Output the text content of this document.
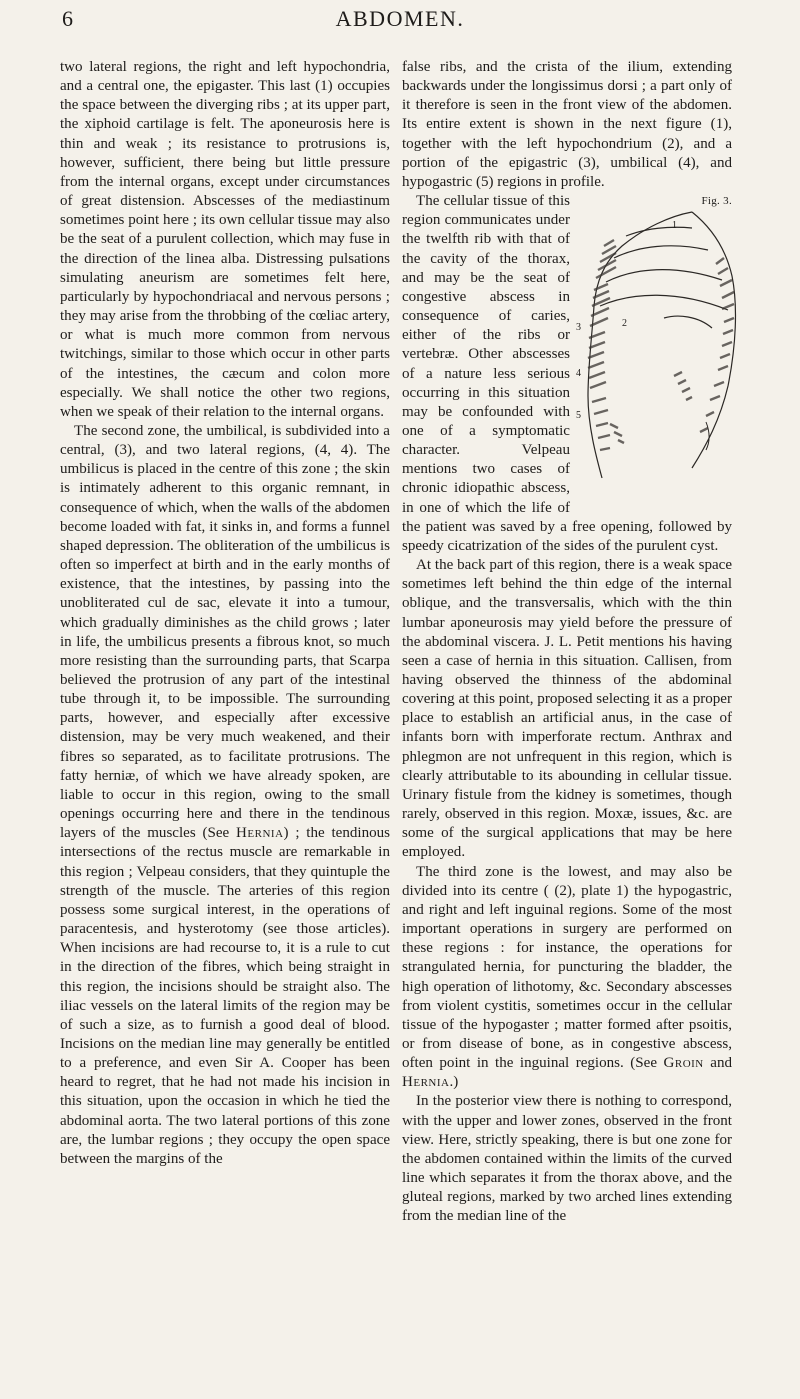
6	ABDOMEN.

two lateral regions, the right and left hypochondria, and a central one, the epigaster. This last (1) occupies the space between the diverging ribs ; at its upper part, the xiphoid cartilage is felt. The aponeurosis here is thin and weak ; its resistance to protrusions is, however, sufficient, there being but little pressure from the internal organs, except under circumstances of great distension. Abscesses of the mediastinum sometimes point here ; its own cellular tissue may also be the seat of a purulent collection, which may fuse in the direction of the linea alba. Distressing pulsations simulating aneurism are sometimes felt here, particularly by hypochondriacal and nervous persons ; they may arise from the throbbing of the cœliac artery, or what is much more common from nervous twitchings, similar to those which occur in other parts of the intestines, the cæcum and colon more especially. We shall notice the other two regions, when we speak of their relation to the internal organs.

The second zone, the umbilical, is subdivided into a central, (3), and two lateral regions, (4, 4). The umbilicus is placed in the centre of this zone ; the skin is intimately adherent to this organic remnant, in consequence of which, when the walls of the abdomen become loaded with fat, it sinks in, and forms a funnel shaped depression. The obliteration of the umbilicus is often so imperfect at birth and in the early months of existence, that the intestines, by passing into the unobliterated cul de sac, elevate it into a tumour, which gradually diminishes as the child grows ; later in life, the umbilicus presents a fibrous knot, so much more resisting than the surrounding parts, that Scarpa believed the protrusion of any part of the intestinal tube through it, to be impossible. The surrounding parts, however, and especially after excessive distension, may be very much weakened, and their fibres so separated, as to facilitate protrusions. The fatty herniæ, of which we have already spoken, are liable to occur in this region, owing to the small openings occurring here and there in the tendinous layers of the muscles (See Hernia) ; the tendinous intersections of the rectus muscle are remarkable in this region ; Velpeau considers, that they quintuple the strength of the muscle. The arteries of this region possess some surgical interest, in the operations of paracentesis, and hysterotomy (see those articles). When incisions are had recourse to, it is a rule to cut in the direction of the fibres, which being straight in this region, the incisions should be straight also. The iliac vessels on the lateral limits of the region may be of such a size, as to furnish a good deal of blood. Incisions on the median line may generally be entitled to a preference, and even Sir A. Cooper has been heard to regret, that he had not made his incision in this situation, upon the occasion in which he tied the abdominal aorta. The two lateral portions of this zone are, the lumbar regions ; they occupy the open space between the margins of the

false ribs, and the crista of the ilium, extending backwards under the longissimus dorsi ; a part only of it therefore is seen in the front view of the abdomen. Its entire extent is shown in the next figure (1), together with the left hypochondrium (2), and a portion of the epigastric (3), umbilical (4), and hypogastric (5) regions in profile.

Fig. 3.
1
2
3
4
5

The cellular tissue of this region communicates under the twelfth rib with that of the cavity of the thorax, and may be the seat of congestive abscess in consequence of caries, either of the ribs or vertebræ. Other abscesses of a nature less serious occurring in this situation may be confounded with one of a symptomatic character. Velpeau mentions two cases of chronic idiopathic abscess, in one of which the life of the patient was saved by a free opening, followed by speedy cicatrization of the sides of the purulent cyst.

At the back part of this region, there is a weak space sometimes left behind the thin edge of the internal oblique, and the transversalis, which with the thin lumbar aponeurosis may yield before the pressure of the abdominal viscera. J. L. Petit mentions his having seen a case of hernia in this situation. Callisen, from having observed the thinness of the abdominal covering at this point, proposed selecting it as a proper place to establish an artificial anus, in the case of infants born with imperforate rectum. Anthrax and phlegmon are not unfrequent in this region, which is clearly attributable to its abounding in cellular tissue. Urinary fistule from the kidney is sometimes, though rarely, observed in this region. Moxæ, issues, &c. are some of the surgical applications that may be here employed.

The third zone is the lowest, and may also be divided into its centre ( (2), plate 1) the hypogastric, and right and left inguinal regions. Some of the most important operations in surgery are performed on these regions : for instance, the operations for strangulated hernia, for puncturing the bladder, the high operation of lithotomy, &c. Secondary abscesses from violent cystitis, sometimes occur in the cellular tissue of the hypogaster ; matter formed after psoitis, or from disease of bone, as in congestive abscess, often point in the inguinal regions. (See Groin and Hernia.)

In the posterior view there is nothing to correspond, with the upper and lower zones, observed in the front view. Here, strictly speaking, there is but one zone for the abdomen contained within the limits of the curved line which separates it from the thorax above, and the gluteal regions, marked by two arched lines extending from the median line of the
